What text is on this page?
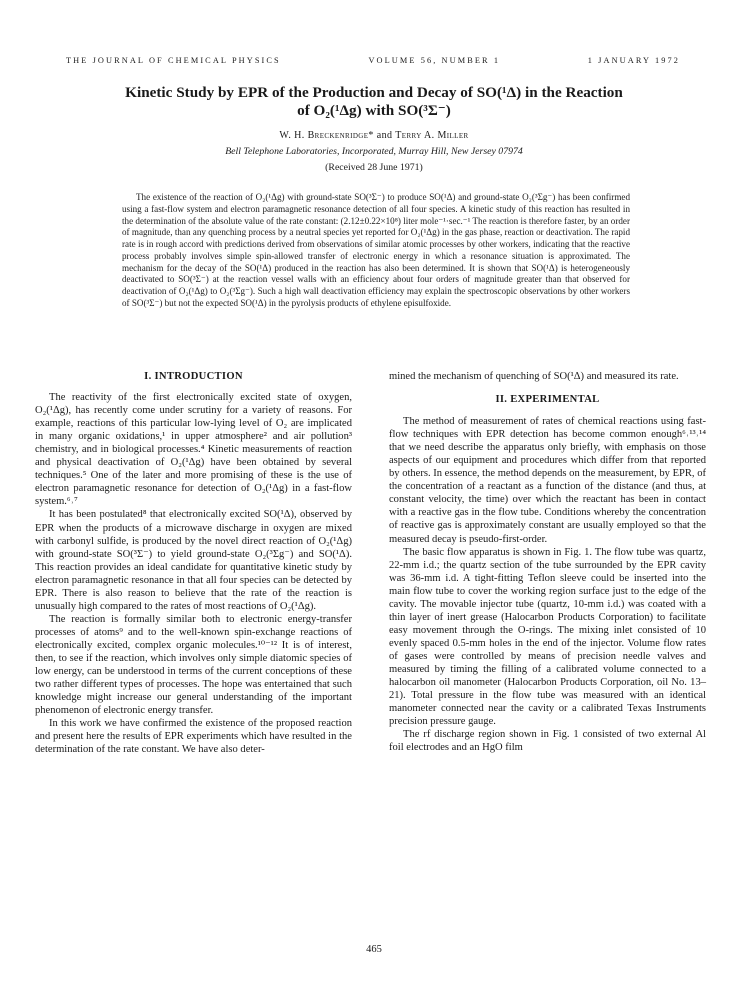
THE JOURNAL OF CHEMICAL PHYSICS	VOLUME 56, NUMBER 1	1 JANUARY 1972
Kinetic Study by EPR of the Production and Decay of SO(¹Δ) in the Reaction
of O₂(¹Δg) with SO(³Σ⁻)
W. H. Breckenridge* and Terry A. Miller
Bell Telephone Laboratories, Incorporated, Murray Hill, New Jersey 07974
(Received 28 June 1971)

The existence of the reaction of O₂(¹Δg) with ground-state SO(³Σ⁻) to produce SO(¹Δ) and ground-state O₂(³Σg⁻) has been confirmed using a fast-flow system and electron paramagnetic resonance detection of all four species. A kinetic study of this reaction has resulted in the determination of the absolute value of the rate constant: (2.12±0.22×10⁸) liter mole⁻¹·sec.⁻¹ The reaction is therefore faster, by an order of magnitude, than any quenching process by a neutral species yet reported for O₂(¹Δg) in the gas phase, reaction or deactivation. The rapid rate is in rough accord with predictions derived from observations of similar atomic processes by other workers, indicating that the reactive process probably involves simple spin-allowed transfer of electronic energy in which a resonance situation is approximated. The mechanism for the decay of the SO(¹Δ) produced in the reaction has also been determined. It is shown that SO(¹Δ) is heterogeneously deactivated to SO(³Σ⁻) at the reaction vessel walls with an efficiency about four orders of magnitude greater than that observed for deactivation of O₂(¹Δg) to O₂(³Σg⁻). Such a high wall deactivation efficiency may explain the spectroscopic observations by other workers of SO(³Σ⁻) but not the expected SO(¹Δ) in the pyrolysis products of ethylene episulfoxide.

I. INTRODUCTION

The reactivity of the first electronically excited state of oxygen, O₂(¹Δg), has recently come under scrutiny for a variety of reasons. For example, reactions of this particular low-lying level of O₂ are implicated in many organic oxidations,¹ in upper atmosphere² and air pollution³ chemistry, and in biological processes.⁴ Kinetic measurements of reaction and physical deactivation of O₂(¹Δg) have been obtained by several techniques.⁵ One of the later and more promising of these is the use of electron paramagnetic resonance for detection of O₂(¹Δg) in a fast-flow system.⁶˒⁷

It has been postulated⁸ that electronically excited SO(¹Δ), observed by EPR when the products of a microwave discharge in oxygen are mixed with carbonyl sulfide, is produced by the novel direct reaction of O₂(¹Δg) with ground-state SO(³Σ⁻) to yield ground-state O₂(³Σg⁻) and SO(¹Δ). This reaction provides an ideal candidate for quantitative kinetic study by electron paramagnetic resonance in that all four species can be detected by EPR. There is also reason to believe that the rate of the reaction is unusually high compared to the rates of most reactions of O₂(¹Δg).

The reaction is formally similar both to electronic energy-transfer processes of atoms⁹ and to the well-known spin-exchange reactions of electronically excited, complex organic molecules.¹⁰⁻¹² It is of interest, then, to see if the reaction, which involves only simple diatomic species of low energy, can be understood in terms of the current conceptions of these two rather different types of processes. The hope was entertained that such knowledge might increase our general understanding of the important phenomenon of electronic energy transfer.

In this work we have confirmed the existence of the proposed reaction and present here the results of EPR experiments which have resulted in the determination of the rate constant. We have also deter-

mined the mechanism of quenching of SO(¹Δ) and measured its rate.

II. EXPERIMENTAL

The method of measurement of rates of chemical reactions using fast-flow techniques with EPR detection has become common enough⁶˒¹³˒¹⁴ that we need describe the apparatus only briefly, with emphasis on those aspects of our equipment and procedures which differ from that reported by others. In essence, the method depends on the measurement, by EPR, of the concentration of a reactant as a function of the distance (and thus, at constant velocity, the time) over which the reactant has been in contact with a reactive gas in the flow tube. Conditions whereby the concentration of reactive gas is approximately constant are usually employed so that the measured decay is pseudo-first-order.

The basic flow apparatus is shown in Fig. 1. The flow tube was quartz, 22-mm i.d.; the quartz section of the tube surrounded by the EPR cavity was 36-mm i.d. A tight-fitting Teflon sleeve could be inserted into the main flow tube to cover the working region surface just to the edge of the cavity. The movable injector tube (quartz, 10-mm i.d.) was coated with a thin layer of inert grease (Halocarbon Products Corporation) to facilitate easy movement through the O-rings. The mixing inlet consisted of 10 evenly spaced 0.5-mm holes in the end of the injector. Volume flow rates of gases were controlled by means of precision needle valves and measured by timing the filling of a calibrated volume connected to a halocarbon oil manometer (Halocarbon Products Corporation, oil No. 13–21). Total pressure in the flow tube was measured with an identical manometer connected near the cavity or a calibrated Texas Instruments precision pressure gauge.

The rf discharge region shown in Fig. 1 consisted of two external Al foil electrodes and an HgO film

465
